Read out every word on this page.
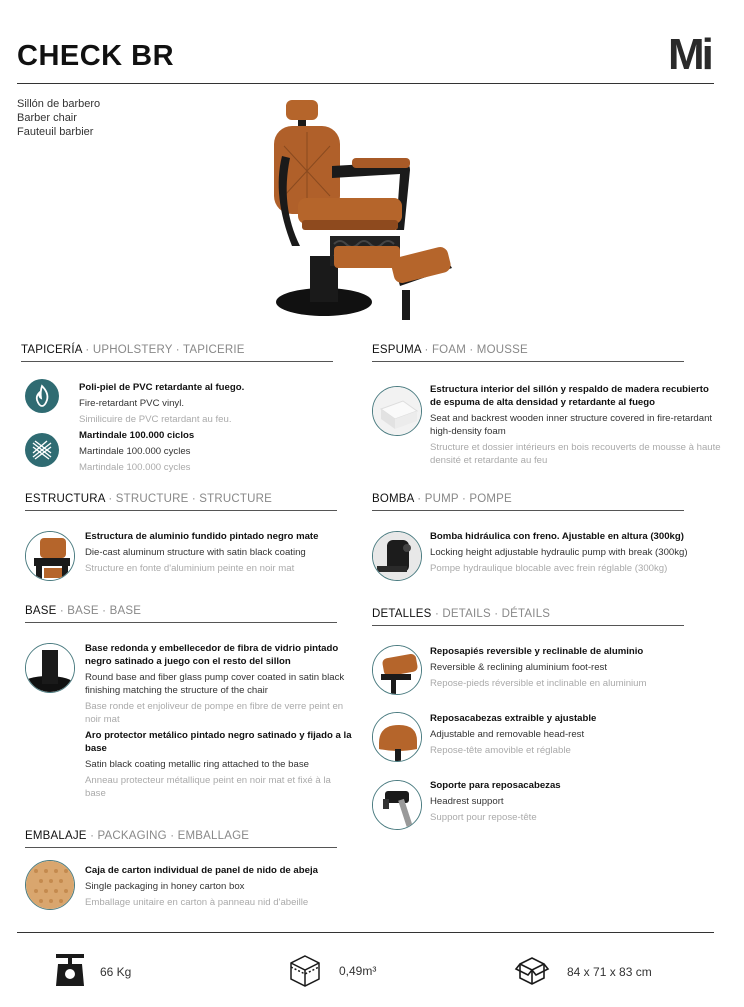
CHECK BR	Mi
Sillón de barbero
Barber chair
Fauteuil barbier
TAPICERÍA · UPHOLSTERY · TAPICERIE
Poli-piel de PVC retardante al fuego.
Fire-retardant PVC vinyl.
Similicuire de PVC retardant au feu.
Martindale 100.000 ciclos
Martindale 100.000 cycles
Martindale 100.000 cycles
ESPUMA · FOAM · MOUSSE
Estructura interior del sillón y respaldo de madera recubierto de espuma de alta densidad y retardante al fuego
Seat and backrest wooden inner structure covered in fire-retardant high-density foam
Structure et dossier intérieurs en bois recouverts de mousse à haute densité et retardante au feu
ESTRUCTURA · STRUCTURE · STRUCTURE
Estructura de aluminio fundido pintado negro mate
Die-cast aluminum structure with satin black coating
Structure en fonte d'aluminium peinte en noir mat
BOMBA · PUMP · POMPE
Bomba hidráulica con freno. Ajustable en altura (300kg)
Locking height adjustable hydraulic pump with break (300kg)
Pompe hydraulique blocable avec frein réglable (300kg)
BASE · BASE · BASE
Base redonda y embellecedor de fibra de vidrio pintado negro satinado a juego con el resto del sillon
Round base and fiber glass pump cover coated in satin black finishing matching the structure of the chair
Base ronde et enjoliveur de pompe en fibre de verre peint en noir mat
Aro protector metálico pintado negro satinado y fijado a la base
Satin black coating metallic ring attached to the base
Anneau protecteur métallique peint en noir mat et fixé à la base
DETALLES · DETAILS · DÉTAILS
Reposapiés reversible y reclinable de aluminio
Reversible & reclining aluminium foot-rest
Repose-pieds réversible et inclinable en aluminium
Reposacabezas extraible y ajustable
Adjustable and removable head-rest
Repose-tête amovible et réglable
Soporte para reposacabezas
Headrest support
Support pour repose-tête
EMBALAJE · PACKAGING · EMBALLAGE
Caja de carton individual de panel de nido de abeja
Single packaging in honey carton box
Emballage unitaire en carton à panneau nid d'abeille
66 Kg	0,49m³	84 x 71 x 83 cm
